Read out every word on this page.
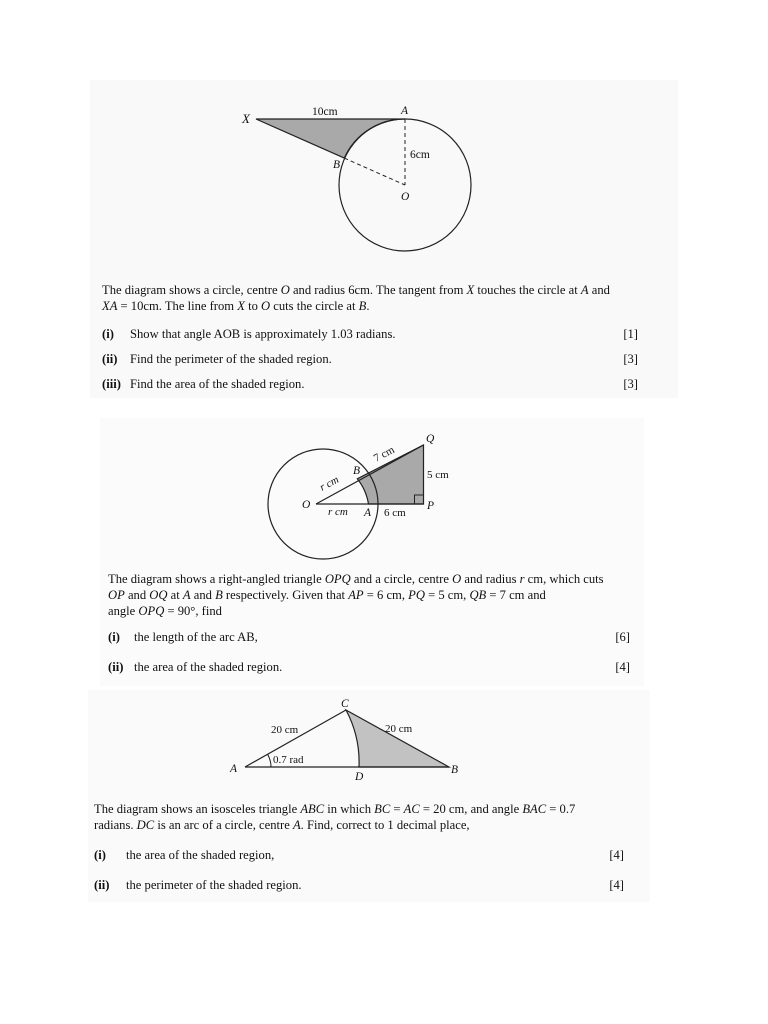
X	A
B
O
10cm
6cm

The diagram shows a circle, centre O and radius 6cm. The tangent from X touches the circle at A and

XA = 10cm. The line from X to O cuts the circle at B.

(i) Show that angle AOB is approximately 1.03 radians.	[1]
(ii) Find the perimeter of the shaded region.	[3]
(iii) Find the area of the shaded region.	[3]
O
A
B
P
Q
r cm
r cm
6 cm
5 cm
7 cm

The diagram shows a right-angled triangle OPQ and a circle, centre O and radius r cm, which cuts

OP and OQ at A and B respectively. Given that AP = 6 cm, PQ = 5 cm, QB = 7 cm and

angle OPQ = 90°, find

(i) the length of the arc AB,	[6]
(ii) the area of the shaded region.	[4]
A	B
C
D
20 cm	20 cm
0.7 rad

The diagram shows an isosceles triangle ABC in which BC = AC = 20 cm, and angle BAC = 0.7

radians. DC is an arc of a circle, centre A. Find, correct to 1 decimal place,

(i) the area of the shaded region,	[4]
(ii) the perimeter of the shaded region.	[4]
